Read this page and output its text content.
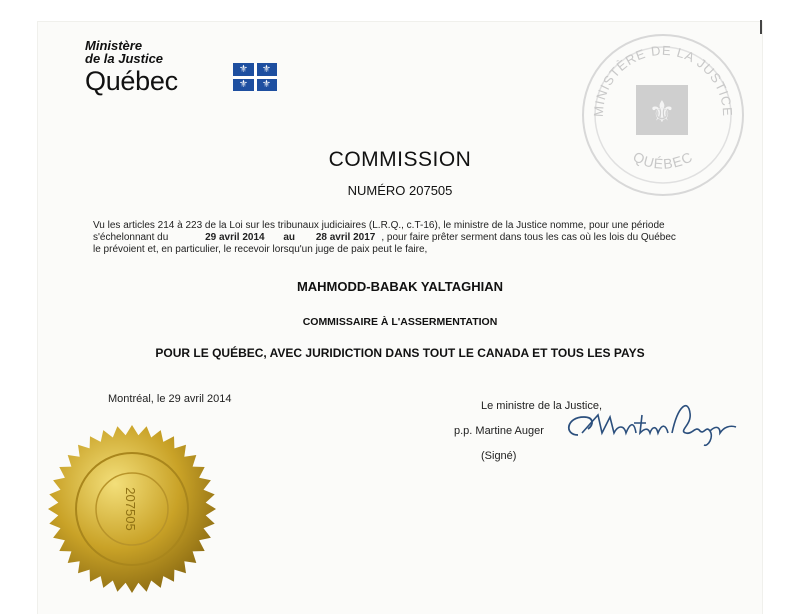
Ministère
de la Justice
Québec	⚜	⚜
⚜	⚜
MINISTÈRE DE LA JUSTICE
QUÉBEC
⚜
COMMISSION
NUMÉRO 207505
Vu les articles 214 à 223 de la Loi sur les tribunaux judiciaires (L.R.Q., c.T-16), le ministre de la Justice nomme, pour une période
s'échelonnant du	29 avril 2014 au 28 avril 2017 , pour faire prêter serment dans tous les cas où les lois du Québec
le prévoient et, en particulier, le recevoir lorsqu'un juge de paix peut le faire,
MAHMODD-BABAK YALTAGHIAN
COMMISSAIRE À L'ASSERMENTATION
POUR LE QUÉBEC, AVEC JURIDICTION DANS TOUT LE CANADA ET TOUS LES PAYS
Montréal, le 29 avril 2014
Le ministre de la Justice,
p.p. Martine Auger
(Signé)
207505
